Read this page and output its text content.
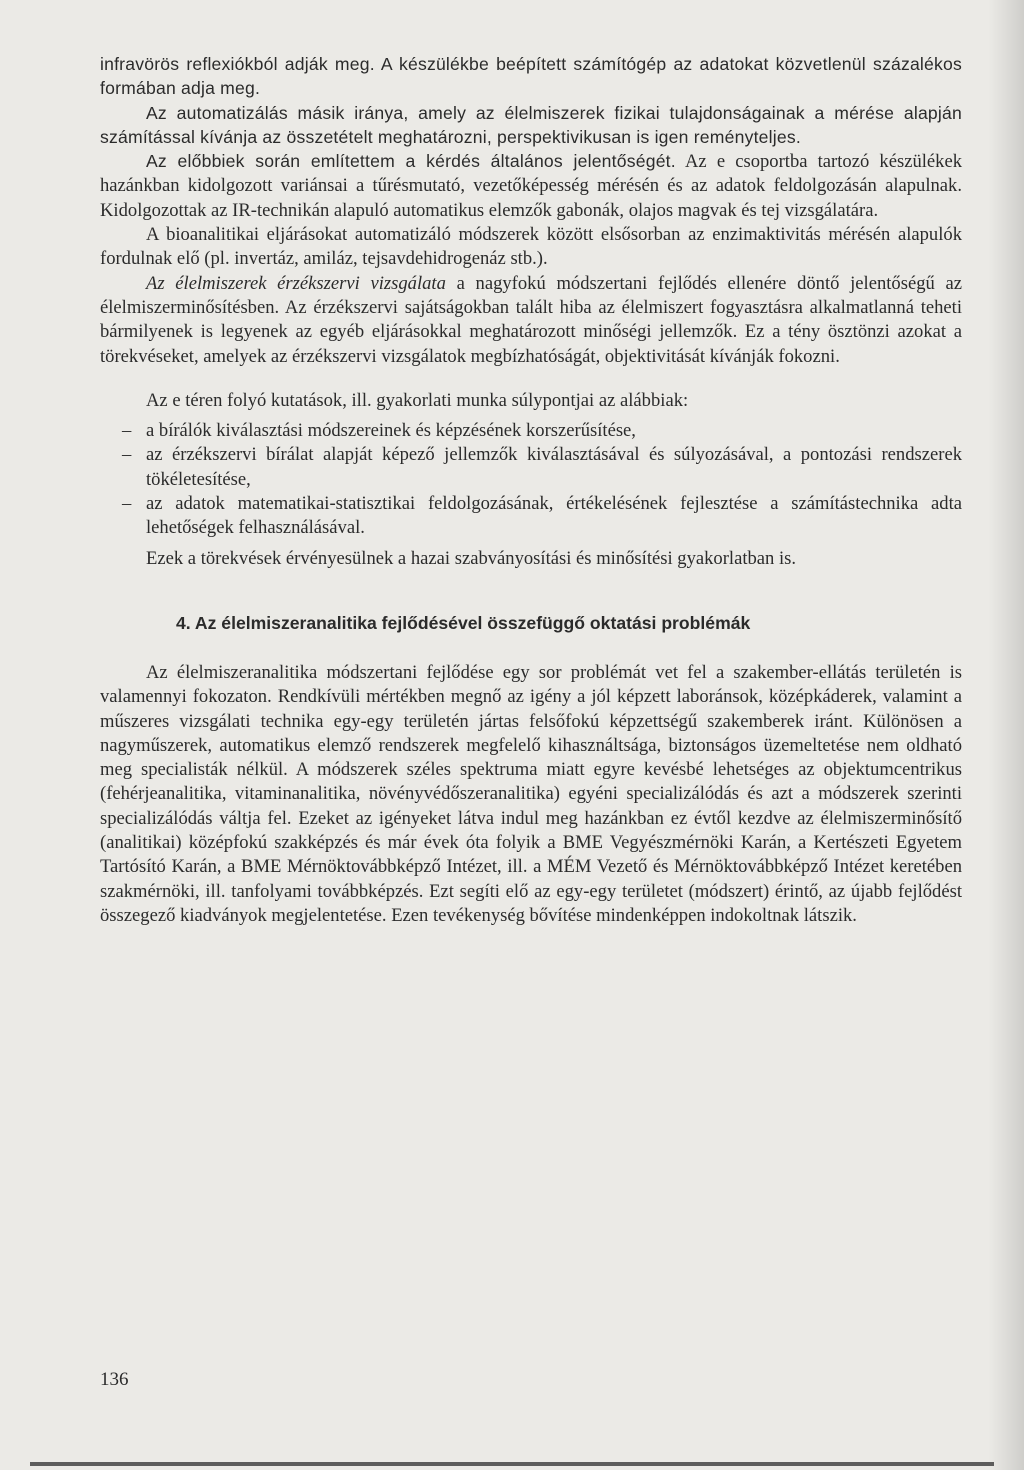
infravörös reflexiókból adják meg. A készülékbe beépített számítógép az adatokat közvetlenül százalékos formában adja meg.

Az automatizálás másik iránya, amely az élelmiszerek fizikai tulajdonságainak a mérése alapján számítással kívánja az összetételt meghatározni, perspektivikusan is igen reményteljes.

Az előbbiek során említettem a kérdés általános jelentőségét. Az e csoportba tartozó készülékek hazánkban kidolgozott variánsai a tűrésmutató, vezetőképesség mérésén és az adatok feldolgozásán alapulnak. Kidolgozottak az IR-technikán alapuló automatikus elemzők gabonák, olajos magvak és tej vizsgálatára.

A bioanalitikai eljárásokat automatizáló módszerek között elsősorban az enzimaktivitás mérésén alapulók fordulnak elő (pl. invertáz, amiláz, tejsavdehidrogenáz stb.).

Az élelmiszerek érzékszervi vizsgálata a nagyfokú módszertani fejlődés ellenére döntő jelentőségű az élelmiszerminősítésben. Az érzékszervi sajátságokban talált hiba az élelmiszert fogyasztásra alkalmatlanná teheti bármilyenek is legyenek az egyéb eljárásokkal meghatározott minőségi jellemzők. Ez a tény ösztönzi azokat a törekvéseket, amelyek az érzékszervi vizsgálatok megbízhatóságát, objektivitását kívánják fokozni.

Az e téren folyó kutatások, ill. gyakorlati munka súlypontjai az alábbiak:

– a bírálók kiválasztási módszereinek és képzésének korszerűsítése,
– az érzékszervi bírálat alapját képező jellemzők kiválasztásával és súlyozásával, a pontozási rendszerek tökéletesítése,
– az adatok matematikai-statisztikai feldolgozásának, értékelésének fejlesztése a számítástechnika adta lehetőségek felhasználásával.

Ezek a törekvések érvényesülnek a hazai szabványosítási és minősítési gyakorlatban is.

4. Az élelmiszeranalitika fejlődésével összefüggő oktatási problémák

Az élelmiszeranalitika módszertani fejlődése egy sor problémát vet fel a szakember-ellátás területén is valamennyi fokozaton. Rendkívüli mértékben megnő az igény a jól képzett laboránsok, középkáderek, valamint a műszeres vizsgálati technika egy-egy területén jártas felsőfokú képzettségű szakemberek iránt. Különösen a nagyműszerek, automatikus elemző rendszerek megfelelő kihasználtsága, biztonságos üzemeltetése nem oldható meg specialisták nélkül. A módszerek széles spektruma miatt egyre kevésbé lehetséges az objektumcentrikus (fehérjeanalitika, vitaminanalitika, növényvédőszeranalitika) egyéni specializálódás és azt a módszerek szerinti specializálódás váltja fel. Ezeket az igényeket látva indul meg hazánkban ez évtől kezdve az élelmiszerminősítő (analitikai) középfokú szakképzés és már évek óta folyik a BME Vegyészmérnöki Karán, a Kertészeti Egyetem Tartósító Karán, a BME Mérnöktovábbképző Intézet, ill. a MÉM Vezető és Mérnöktovábbképző Intézet keretében szakmérnöki, ill. tanfolyami továbbképzés. Ezt segíti elő az egy-egy területet (módszert) érintő, az újabb fejlődést összegező kiadványok megjelentetése. Ezen tevékenység bővítése mindenképpen indokoltnak látszik.

136
